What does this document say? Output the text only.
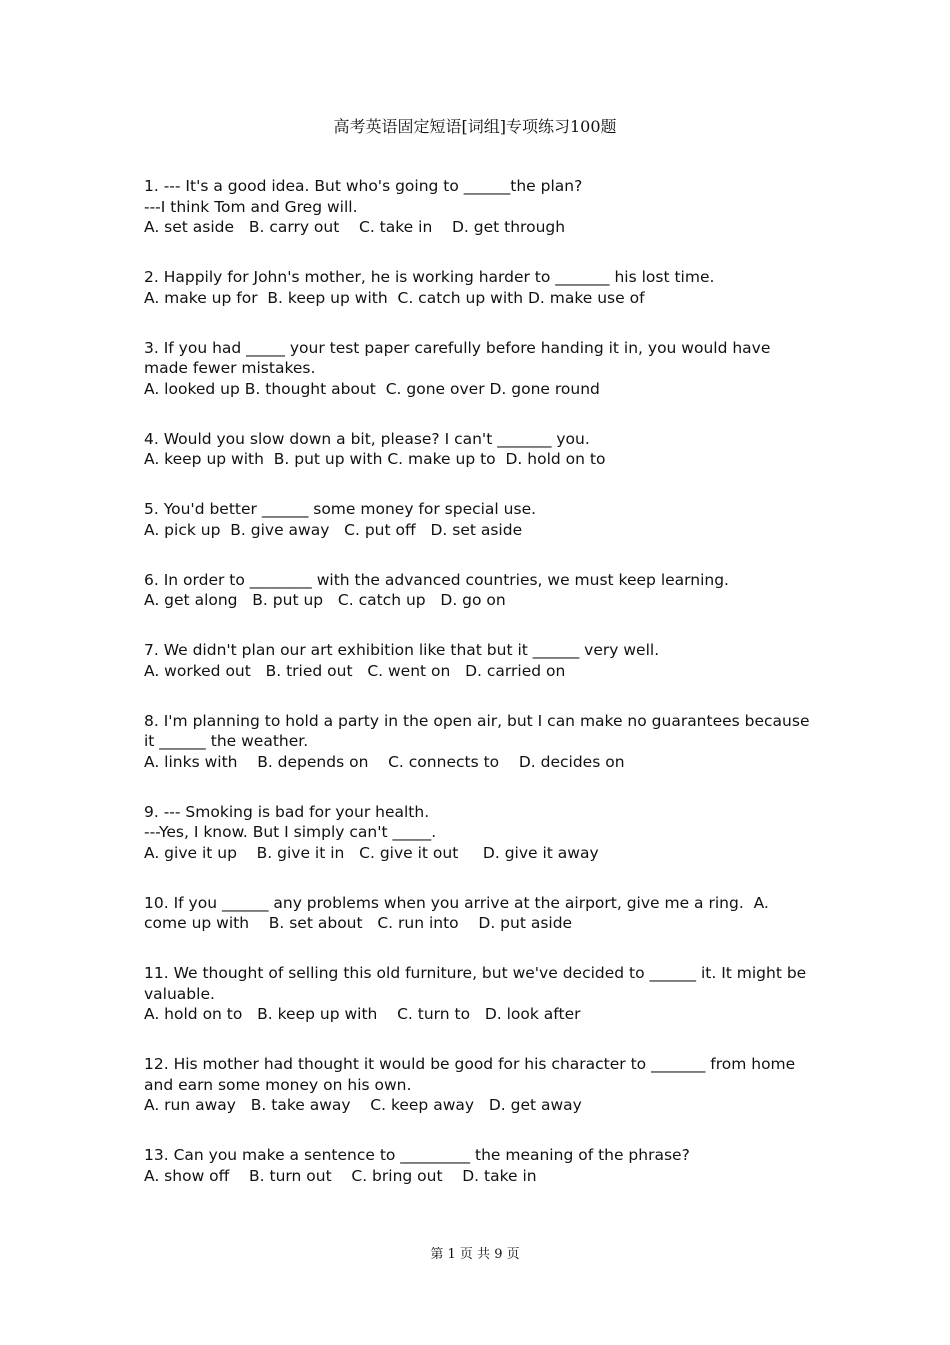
高考英语固定短语[词组]专项练习100题
1. --- It's a good idea. But who's going to ______the plan?
---I think Tom and Greg will.
A. set aside   B. carry out    C. take in    D. get through
2. Happily for John's mother, he is working harder to _______ his lost time.
A. make up for  B. keep up with  C. catch up with D. make use of
3. If you had _____ your test paper carefully before handing it in, you would have made fewer mistakes.
A. looked up B. thought about  C. gone over D. gone round
4. Would you slow down a bit, please? I can't _______ you.
A. keep up with  B. put up with C. make up to  D. hold on to
5. You'd better ______ some money for special use.
A. pick up  B. give away   C. put off   D. set aside
6. In order to ________ with the advanced countries, we must keep learning.
A. get along   B. put up   C. catch up   D. go on
7. We didn't plan our art exhibition like that but it ______ very well.
A. worked out   B. tried out   C. went on   D. carried on
8. I'm planning to hold a party in the open air, but I can make no guarantees because it ______ the weather.
A. links with    B. depends on    C. connects to    D. decides on
9. --- Smoking is bad for your health.
---Yes, I know. But I simply can't _____.
A. give it up    B. give it in   C. give it out     D. give it away
10. If you ______ any problems when you arrive at the airport, give me a ring.  A. come up with    B. set about   C. run into    D. put aside
11. We thought of selling this old furniture, but we've decided to ______ it. It might be valuable.
A. hold on to   B. keep up with    C. turn to   D. look after
12. His mother had thought it would be good for his character to _______ from home and earn some money on his own.
A. run away   B. take away    C. keep away   D. get away
13. Can you make a sentence to _________ the meaning of the phrase?
A. show off    B. turn out    C. bring out    D. take in
第 1 页 共 9 页
